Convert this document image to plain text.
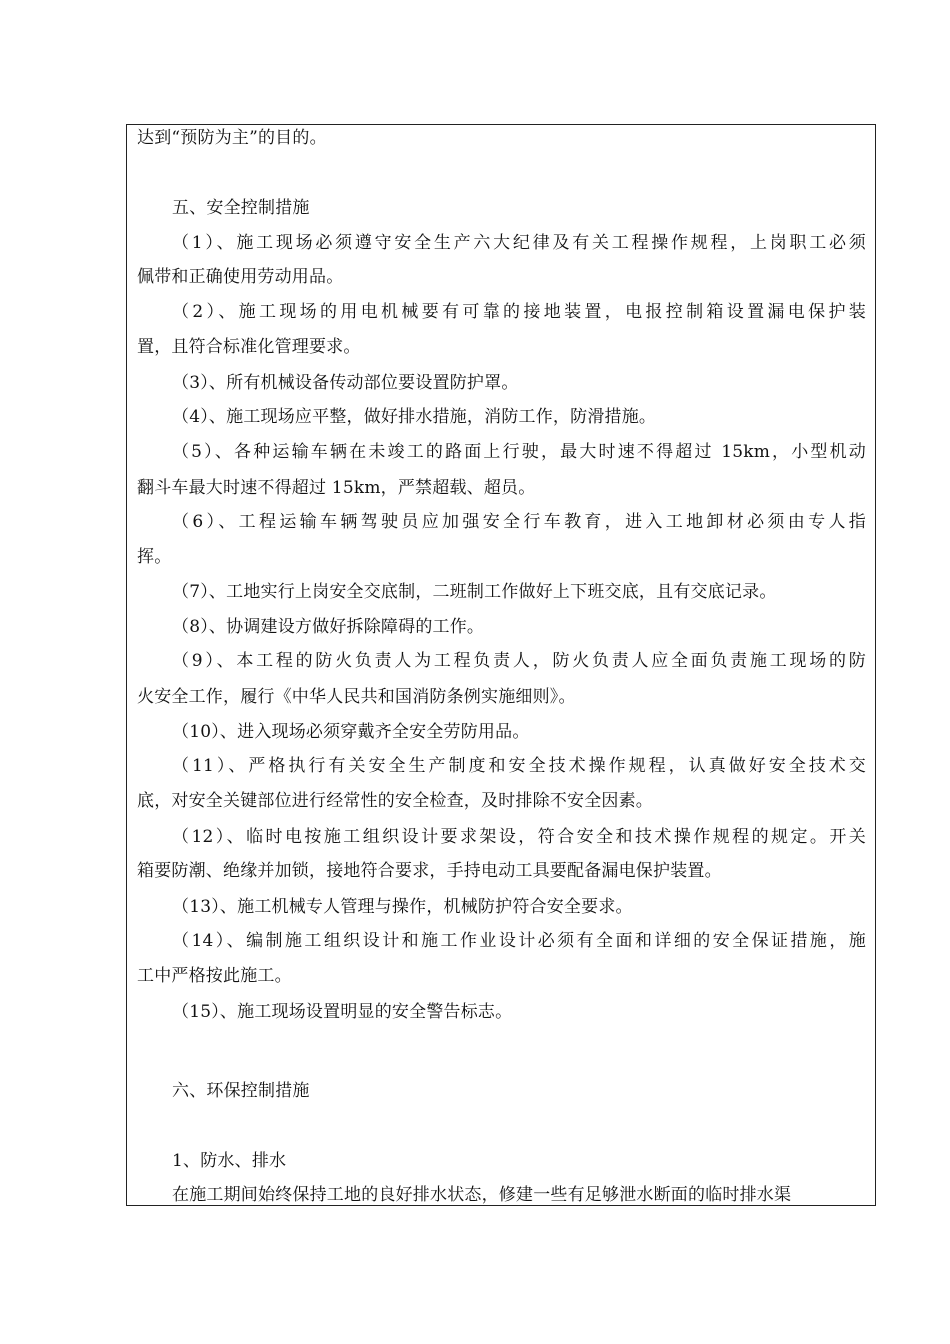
达到“预防为主”的目的。
五、安全控制措施
（1）、施工现场必须遵守安全生产六大纪律及有关工程操作规程，上岗职工必须
佩带和正确使用劳动用品。
（2）、施工现场的用电机械要有可靠的接地装置，电报控制箱设置漏电保护装
置，且符合标准化管理要求。
（3）、所有机械设备传动部位要设置防护罩。
（4）、施工现场应平整，做好排水措施，消防工作，防滑措施。
（5）、各种运输车辆在未竣工的路面上行驶，最大时速不得超过 15km，小型机动
翻斗车最大时速不得超过 15km，严禁超载、超员。
（6）、工程运输车辆驾驶员应加强安全行车教育，进入工地卸材必须由专人指
挥。
（7）、工地实行上岗安全交底制，二班制工作做好上下班交底，且有交底记录。
（8）、协调建设方做好拆除障碍的工作。
（9）、本工程的防火负责人为工程负责人，防火负责人应全面负责施工现场的防
火安全工作，履行《中华人民共和国消防条例实施细则》。
（10）、进入现场必须穿戴齐全安全劳防用品。
（11）、严格执行有关安全生产制度和安全技术操作规程，认真做好安全技术交
底，对安全关键部位进行经常性的安全检查，及时排除不安全因素。
（12）、临时电按施工组织设计要求架设，符合安全和技术操作规程的规定。开关
箱要防潮、绝缘并加锁，接地符合要求，手持电动工具要配备漏电保护装置。
（13）、施工机械专人管理与操作，机械防护符合安全要求。
（14）、编制施工组织设计和施工作业设计必须有全面和详细的安全保证措施，施
工中严格按此施工。
（15）、施工现场设置明显的安全警告标志。
六、环保控制措施
1、防水、排水
在施工期间始终保持工地的良好排水状态，修建一些有足够泄水断面的临时排水渠
